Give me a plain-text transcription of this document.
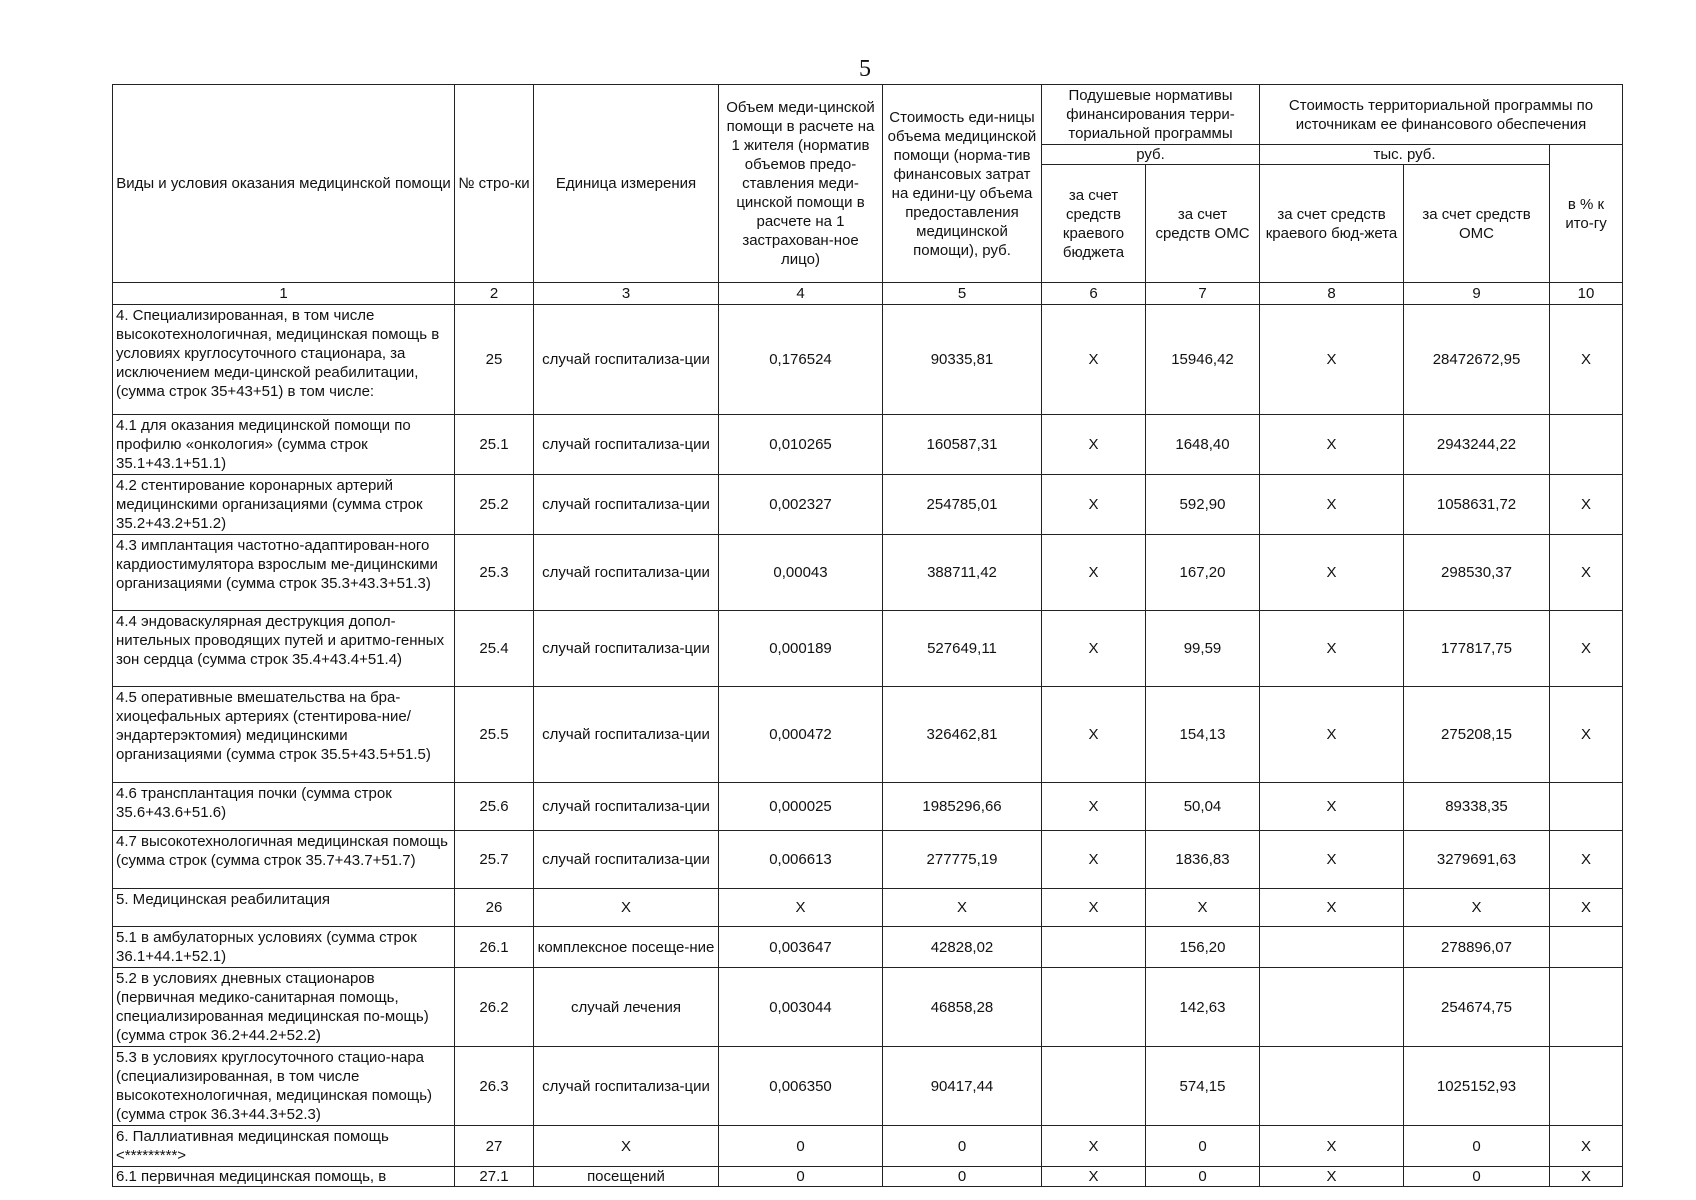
5
Виды и условия оказания медицинской помощи	№ стро-ки	Единица измерения	Объем меди-цинской помощи в расчете на 1 жителя (норматив объемов предо-ставления меди-цинской помощи в расчете на 1 застрахован-ное лицо)	Стоимость еди-ницы объема медицинской помощи (норма-тив финансовых затрат на едини-цу объема предоставления медицинской помощи), руб.	Подушевые нормативы финансирования терри-ториальной программы		Стоимость территориальной программы по источникам ее финансового обеспечения		
					руб.		тыс. руб.		в % к ито-гу
					за счет средств краевого бюджета	за счет средств ОМС	за счет средств краевого бюд-жета	за счет средств ОМС	
1	2	3	4	5	6	7	8	9	10
4. Специализированная, в том числе высокотехнологичная, медицинская помощь в условиях круглосуточного стационара, за исключением меди-цинской реабилитации, (сумма строк 35+43+51) в том числе:	25	случай госпитализа-ции	0,176524	90335,81	Х	15946,42	Х	28472672,95	Х
4.1 для оказания медицинской помощи по профилю «онкология» (сумма строк 35.1+43.1+51.1)	25.1	случай госпитализа-ции	0,010265	160587,31	Х	1648,40	Х	2943244,22	
4.2 стентирование коронарных артерий медицинскими организациями (сумма строк 35.2+43.2+51.2)	25.2	случай госпитализа-ции	0,002327	254785,01	Х	592,90	Х	1058631,72	Х
4.3 имплантация частотно-адаптирован-ного кардиостимулятора взрослым ме-дицинскими организациями (сумма строк 35.3+43.3+51.3)	25.3	случай госпитализа-ции	0,00043	388711,42	Х	167,20	Х	298530,37	Х
4.4 эндоваскулярная деструкция допол-нительных проводящих путей и аритмо-генных зон сердца (сумма строк 35.4+43.4+51.4)	25.4	случай госпитализа-ции	0,000189	527649,11	Х	99,59	Х	177817,75	Х
4.5 оперативные вмешательства на бра-хиоцефальных артериях (стентирова-ние/эндартерэктомия) медицинскими организациями (сумма строк 35.5+43.5+51.5)	25.5	случай госпитализа-ции	0,000472	326462,81	Х	154,13	Х	275208,15	Х
4.6 трансплантация почки (сумма строк 35.6+43.6+51.6)	25.6	случай госпитализа-ции	0,000025	1985296,66	Х	50,04	Х	89338,35	
4.7 высокотехнологичная медицинская помощь (сумма строк (сумма строк 35.7+43.7+51.7)	25.7	случай госпитализа-ции	0,006613	277775,19	Х	1836,83	Х	3279691,63	Х
5. Медицинская реабилитация	26	Х	Х	Х	Х	Х	Х	Х	Х
5.1 в амбулаторных условиях (сумма строк 36.1+44.1+52.1)	26.1	комплексное посеще-ние	0,003647	42828,02		156,20		278896,07	
5.2 в условиях дневных стационаров (первичная медико-санитарная помощь, специализированная медицинская по-мощь) (сумма строк 36.2+44.2+52.2)	26.2	случай лечения	0,003044	46858,28		142,63		254674,75	
5.3 в условиях круглосуточного стацио-нара (специализированная, в том числе высокотехнологичная, медицинская помощь) (сумма строк 36.3+44.3+52.3)	26.3	случай госпитализа-ции	0,006350	90417,44		574,15		1025152,93	
6. Паллиативная медицинская помощь <*********>	27	Х	0	0	Х	0	Х	0	Х
6.1 первичная медицинская помощь, в	27.1	посещений	0	0	Х	0	Х	0	Х
